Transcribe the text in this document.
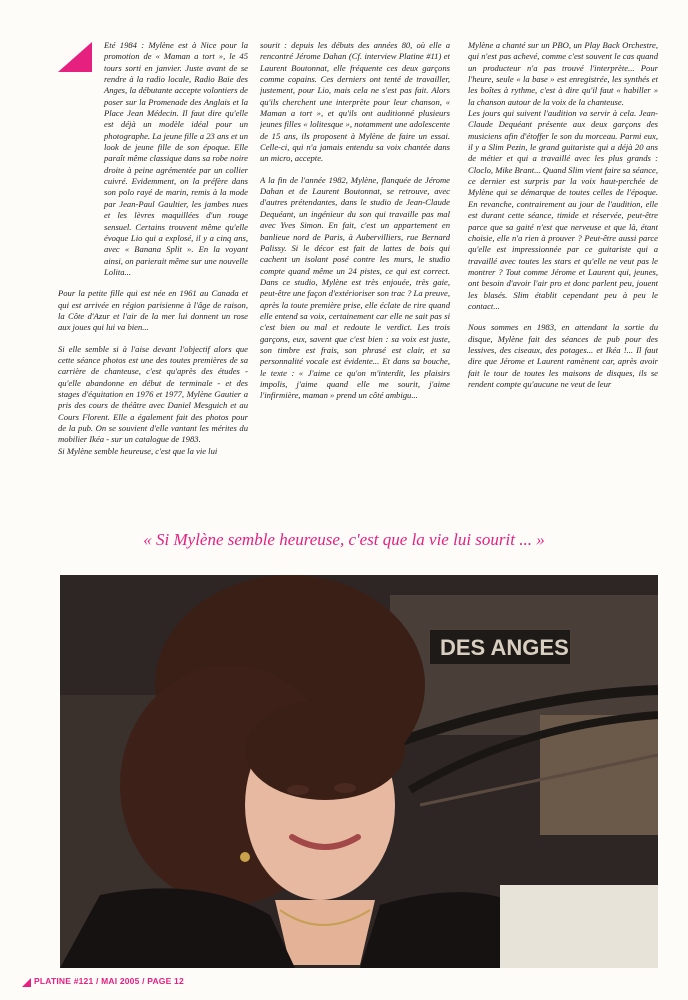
Eté 1984 : Mylène est à Nice pour la promotion de « Maman a tort », le 45 tours sorti en janvier. Juste avant de se rendre à la radio locale, Radio Baie des Anges, la débutante accepte volontiers de poser sur la Promenade des Anglais et la Place Jean Médecin. Il faut dire qu'elle est déjà un modèle idéal pour un photographe. La jeune fille a 23 ans et un look de jeune fille de son époque. Elle paraît même classique dans sa robe noire droite à peine agrémentée par un collier cuivré. Evidemment, on la préfère dans son polo rayé de marin, remis à la mode par Jean-Paul Gaultier, les jambes nues et les lèvres maquillées d'un rouge sensuel. Certains trouvent même qu'elle évoque Lio qui a explosé, il y a cinq ans, avec « Banana Split ». En la voyant ainsi, on parierait même sur une nouvelle Lolita...

Pour la petite fille qui est née en 1961 au Canada et qui est arrivée en région parisienne à l'âge de raison, la Côte d'Azur et l'air de la mer lui donnent un rose aux joues qui lui va bien...

Si elle semble si à l'aise devant l'objectif alors que cette séance photos est une des toutes premières de sa carrière de chanteuse, c'est qu'après des études - qu'elle abandonne en début de terminale - et des stages d'équitation en 1976 et 1977, Mylène Gautier a pris des cours de théâtre avec Daniel Mesguich et au Cours Florent. Elle a également fait des photos pour de la pub. On se souvient d'elle vantant les mérites du mobilier Ikéa - sur un catalogue de 1983.

Si Mylène semble heureuse, c'est que la vie lui

sourit : depuis les débuts des années 80, où elle a rencontré Jérome Dahan (Cf. interview Platine #11) et Laurent Boutonnat, elle fréquente ces deux garçons comme copains. Ces derniers ont tenté de travailler, justement, pour Lio, mais cela ne s'est pas fait. Alors qu'ils cherchent une interprète pour leur chanson, « Maman a tort », et qu'ils ont auditionné plusieurs jeunes filles « lolitesque », notamment une adolescente de 15 ans, ils proposent à Mylène de faire un essai. Celle-ci, qui n'a jamais entendu sa voix chantée dans un micro, accepte.

A la fin de l'année 1982, Mylène, flanquée de Jérome Dahan et de Laurent Boutonnat, se retrouve, avec d'autres prétendantes, dans le studio de Jean-Claude Dequéant, un ingénieur du son qui travaille pas mal avec Yves Simon. En fait, c'est un appartement en banlieue nord de Paris, à Aubervilliers, rue Bernard Palissy. Si le décor est fait de lattes de bois qui cachent un isolant posé contre les murs, le studio compte quand même un 24 pistes, ce qui est correct. Dans ce studio, Mylène est très enjouée, très gaie, peut-être une façon d'extérioriser son trac ? La preuve, après la toute première prise, elle éclate de rire quand elle entend sa voix, certainement car elle ne sait pas si c'est bien ou mal et redoute le verdict. Les trois garçons, eux, savent que c'est bien : sa voix est juste, son timbre est frais, son phrasé est clair, et sa personnalité vocale est évidente... Et dans sa bouche, le texte : « J'aime ce qu'on m'interdit, les plaisirs impolis, j'aime quand elle me sourit, j'aime l'infirmière, maman » prend un côté ambigu...

Mylène a chanté sur un PBO, un Play Back Orchestre, qui n'est pas achevé, comme c'est souvent le cas quand un producteur n'a pas trouvé l'interprète... Pour l'heure, seule « la base » est enregistrée, les synthés et les boîtes à rythme, c'est à dire qu'il faut « habiller » la chanson autour de la voix de la chanteuse.

Les jours qui suivent l'audition va servir à cela. Jean-Claude Dequéant présente aux deux garçons des musiciens afin d'étoffer le son du morceau. Parmi eux, il y a Slim Pezin, le grand guitariste qui a déjà 20 ans de métier et qui a travaillé avec les plus grands : Cloclo, Mike Brant... Quand Slim vient faire sa séance, ce dernier est surpris par la voix haut-perchée de Mylène qui se démarque de toutes celles de l'époque. En revanche, contrairement au jour de l'audition, elle est durant cette séance, timide et réservée, peut-être parce que sa gaité n'est que nerveuse et que là, étant choisie, elle n'a rien à prouver ? Peut-être aussi parce qu'elle est impressionnée par ce guitariste qui a travaillé avec toutes les stars et qu'elle ne veut pas le montrer ? Tout comme Jérome et Laurent qui, jeunes, ont besoin d'avoir l'air pro et donc parlent peu, jouent les blasés. Slim établit cependant peu à peu le contact...

Nous sommes en 1983, en attendant la sortie du disque, Mylène fait des séances de pub pour des lessives, des ciseaux, des potages... et Ikéa !... Il faut dire que Jérome et Laurent ramènent car, après avoir fait le tour de toutes les maisons de disques, ils se rendent compte qu'aucune ne veut de leur

« Si Mylène semble heureuse, c'est que la vie lui sourit ... »
DES ANGES
PLATINE #121 / MAI 2005 / PAGE 12
